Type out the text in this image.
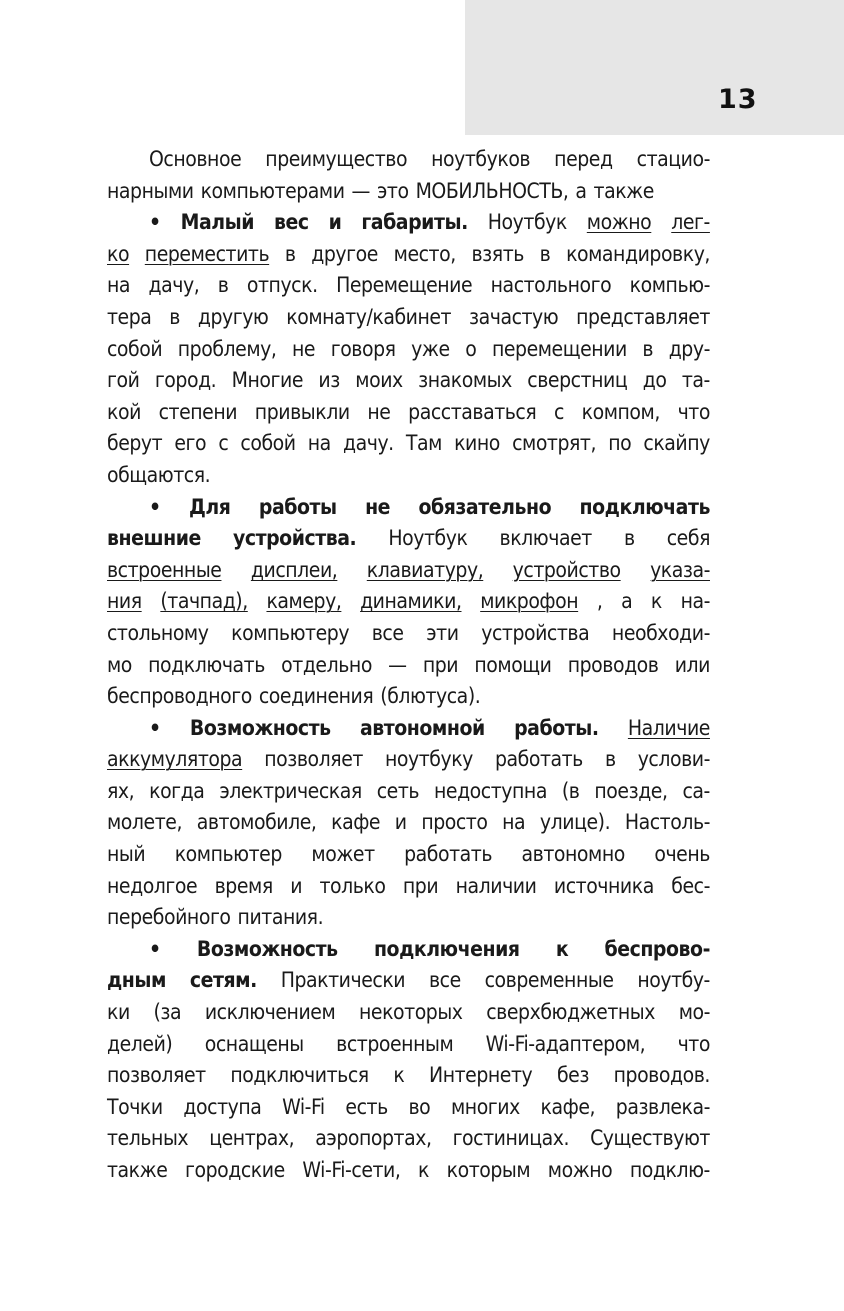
13
Основное преимущество ноутбуков перед стацио-
нарными компьютерами — это МОБИЛЬНОСТЬ, а также
• Малый вес и габариты. Ноутбук можно лег-
ко переместить в другое место, взять в командировку,
на дачу, в отпуск. Перемещение настольного компью-
тера в другую комнату/кабинет зачастую представляет
собой проблему, не говоря уже о перемещении в дру-
гой город. Многие из моих знакомых сверстниц до та-
кой степени привыкли не расставаться с компом, что
берут его с собой на дачу. Там кино смотрят, по скайпу
общаются.
• Для работы не обязательно подключать
внешние устройства. Ноутбук включает в себя
встроенные дисплеи, клавиатуру, устройство указа-
ния (тачпад), камеру, динамики, микрофон , а к на-
стольному компьютеру все эти устройства необходи-
мо подключать отдельно — при помощи проводов или
беспроводного соединения (блютуса).
• Возможность автономной работы. Наличие
аккумулятора позволяет ноутбуку работать в услови-
ях, когда электрическая сеть недоступна (в поезде, са-
молете, автомобиле, кафе и просто на улице). Настоль-
ный компьютер может работать автономно очень
недолгое время и только при наличии источника бес-
перебойного питания.
• Возможность подключения к беспрово-
дным сетям. Практически все современные ноутбу-
ки (за исключением некоторых сверхбюджетных мо-
делей) оснащены встроенным Wi-Fi-адаптером, что
позволяет подключиться к Интернету без проводов.
Точки доступа Wi-Fi есть во многих кафе, развлека-
тельных центрах, аэропортах, гостиницах. Существуют
также городские Wi-Fi-сети, к которым можно подклю-
